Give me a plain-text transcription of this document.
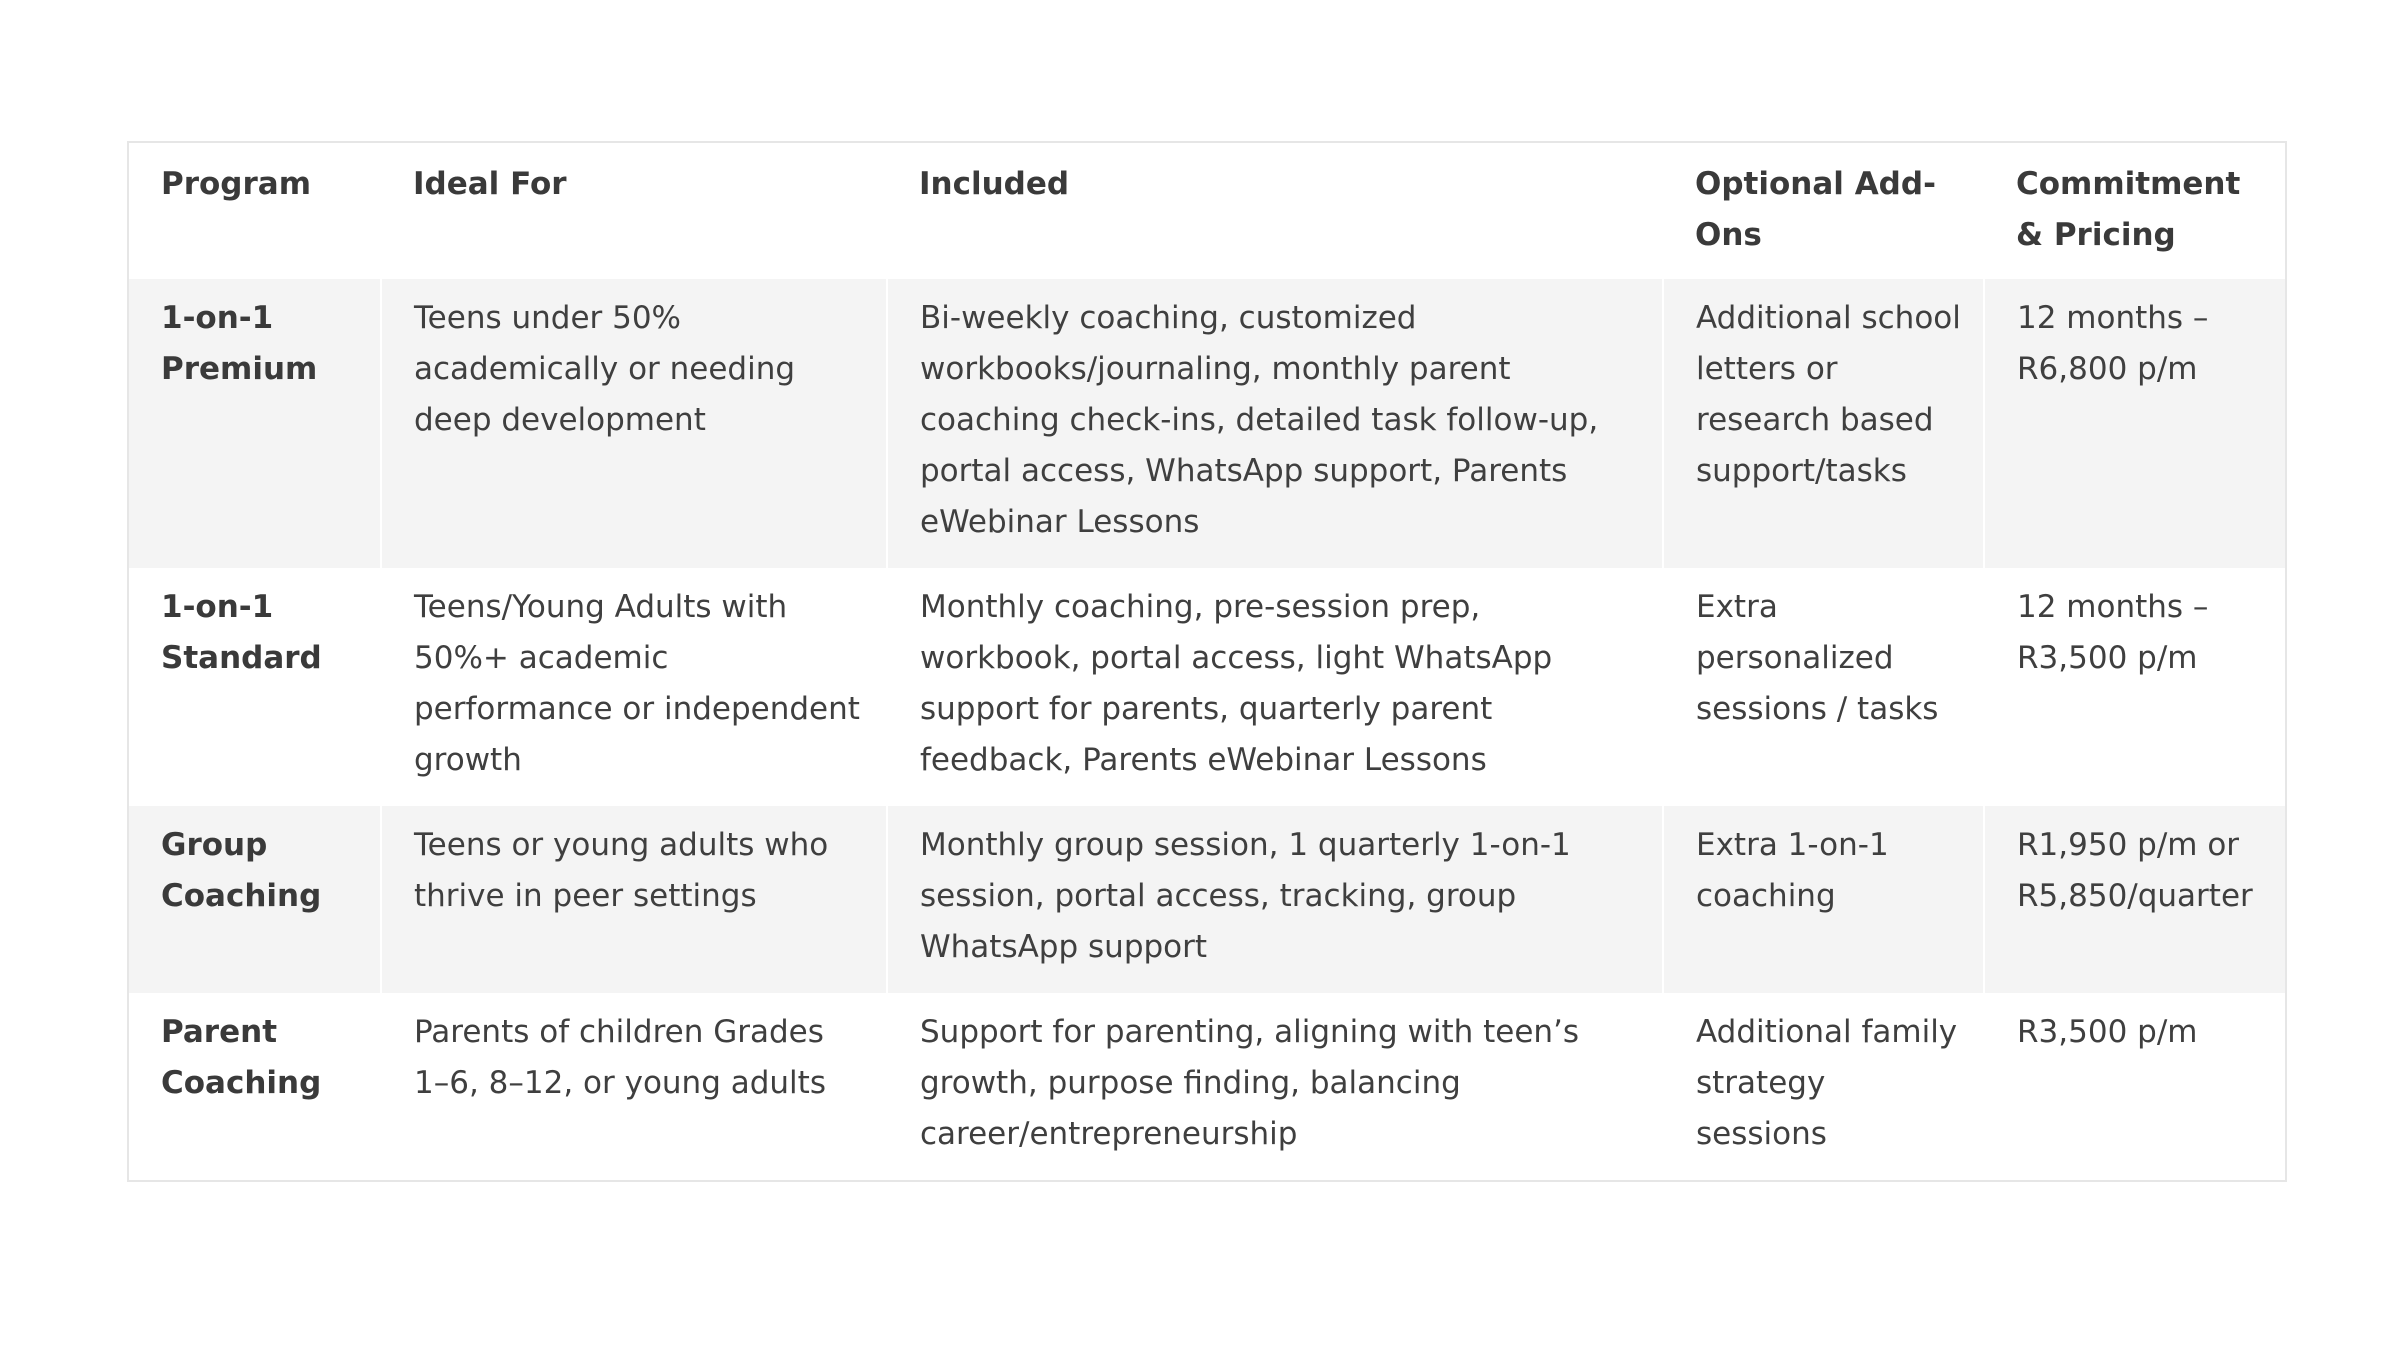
Program	Ideal For	Included	Optional Add-Ons	Commitment & Pricing
1-on-1 Premium	Teens under 50% academically or needing deep development	Bi-weekly coaching, customized workbooks/journaling, monthly parent coaching check-ins, detailed task follow-up, portal access, WhatsApp support, Parents eWebinar Lessons	Additional school letters or research based support/tasks	12 months – R6,800 p/m
1-on-1 Standard	Teens/Young Adults with 50%+ academic performance or independent growth	Monthly coaching, pre-session prep, workbook, portal access, light WhatsApp support for parents, quarterly parent feedback, Parents eWebinar Lessons	Extra personalized sessions / tasks	12 months – R3,500 p/m
Group Coaching	Teens or young adults who thrive in peer settings	Monthly group session, 1 quarterly 1-on-1 session, portal access, tracking, group WhatsApp support	Extra 1-on-1 coaching	R1,950 p/m or R5,850/quarter
Parent Coaching	Parents of children Grades 1–6, 8–12, or young adults	Support for parenting, aligning with teen’s growth, purpose finding, balancing career/entrepreneurship	Additional family strategy sessions	R3,500 p/m
